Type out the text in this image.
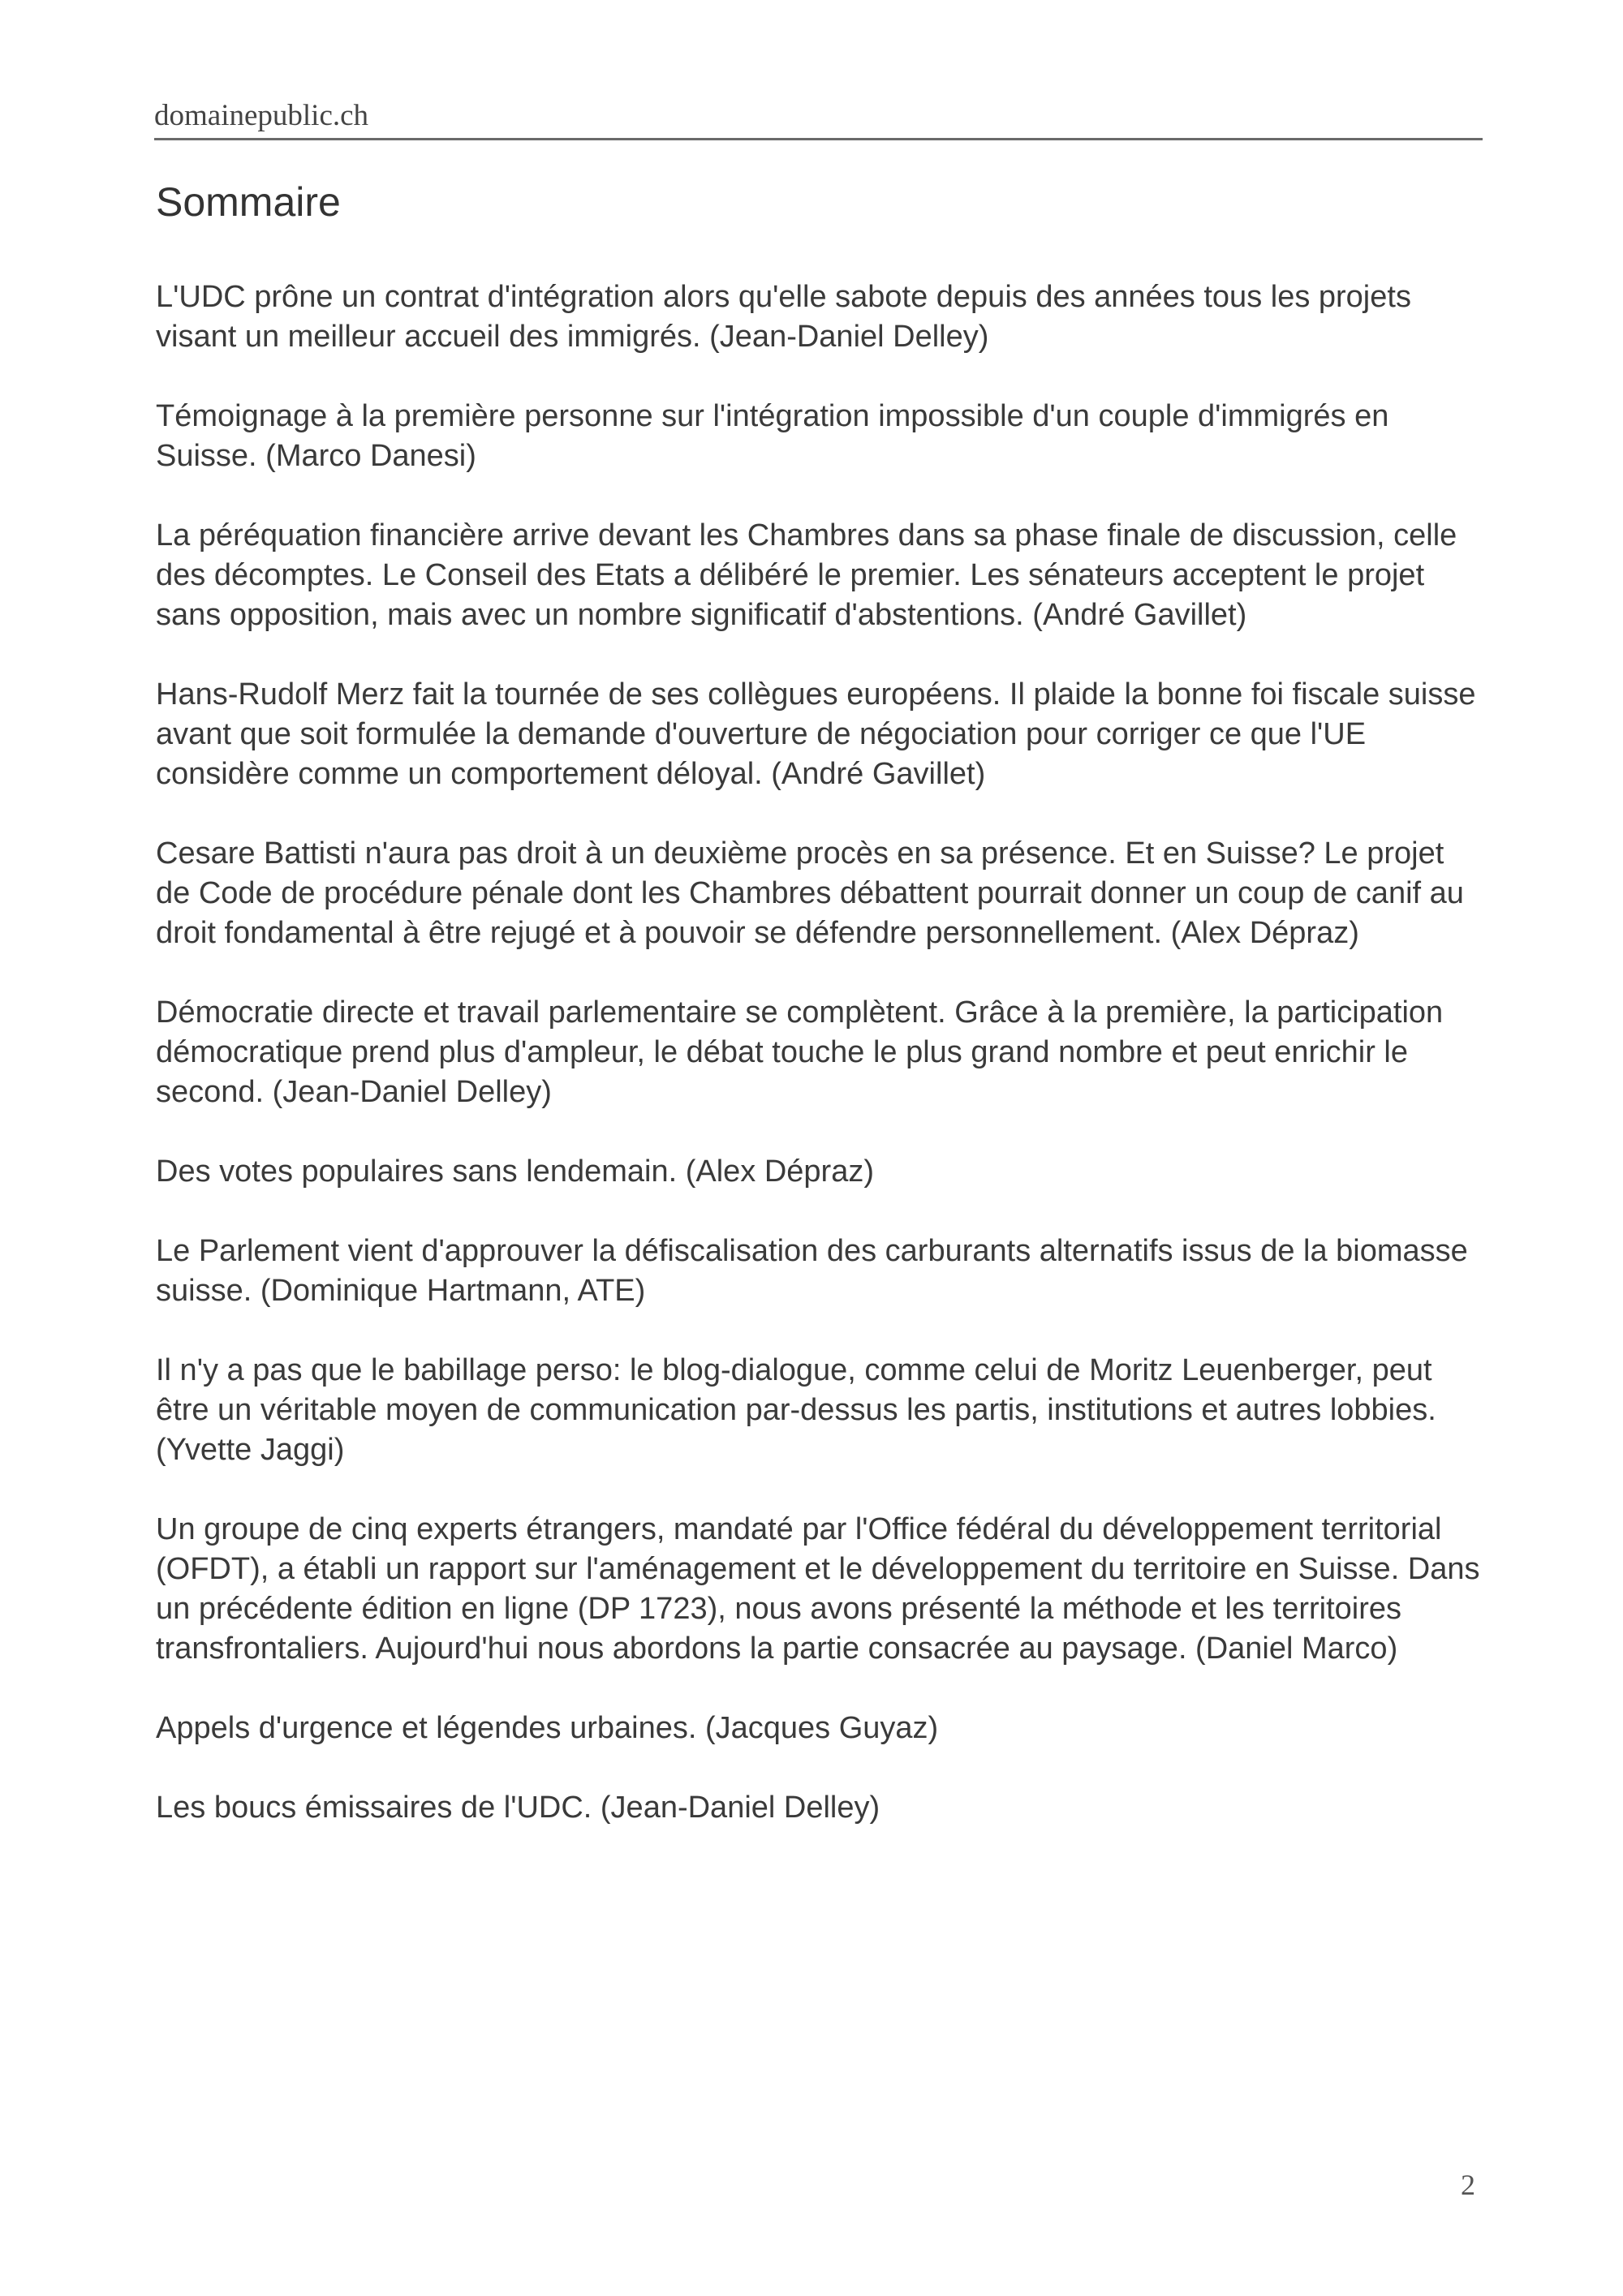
domainepublic.ch
Sommaire
L'UDC prône un contrat d'intégration alors qu'elle sabote depuis des années tous les projets visant un meilleur accueil des immigrés. (Jean-Daniel Delley)
Témoignage à la première personne sur l'intégration impossible d'un couple d'immigrés en Suisse. (Marco Danesi)
La péréquation financière arrive devant les Chambres dans sa phase finale de discussion, celle des décomptes. Le Conseil des Etats a délibéré le premier. Les sénateurs acceptent le projet sans opposition, mais avec un nombre significatif d'abstentions. (André Gavillet)
Hans-Rudolf Merz fait la tournée de ses collègues européens. Il plaide la bonne foi fiscale suisse avant que soit formulée la demande d'ouverture de négociation pour corriger ce que l'UE considère comme un comportement déloyal. (André Gavillet)
Cesare Battisti n'aura pas droit à un deuxième procès en sa présence. Et en Suisse? Le projet de Code de procédure pénale dont les Chambres débattent pourrait donner un coup de canif au droit fondamental à être rejugé et à pouvoir se défendre personnellement. (Alex Dépraz)
Démocratie directe et travail parlementaire se complètent. Grâce à la première, la participation démocratique prend plus d'ampleur, le débat touche le plus grand nombre et peut enrichir le second. (Jean-Daniel Delley)
Des votes populaires sans lendemain. (Alex Dépraz)
Le Parlement vient d'approuver la défiscalisation des carburants alternatifs issus de la biomasse suisse. (Dominique Hartmann, ATE)
Il n'y a pas que le babillage perso: le blog-dialogue, comme celui de Moritz Leuenberger, peut être un véritable moyen de communication par-dessus les partis, institutions et autres lobbies. (Yvette Jaggi)
Un groupe de cinq experts étrangers, mandaté par l'Office fédéral du développement territorial (OFDT), a établi un rapport sur l'aménagement et le développement du territoire en Suisse. Dans un précédente édition en ligne (DP 1723), nous avons présenté la méthode et les territoires transfrontaliers. Aujourd'hui nous abordons la partie consacrée au paysage. (Daniel Marco)
Appels d'urgence et légendes urbaines. (Jacques Guyaz)
Les boucs émissaires de l'UDC. (Jean-Daniel Delley)
2
